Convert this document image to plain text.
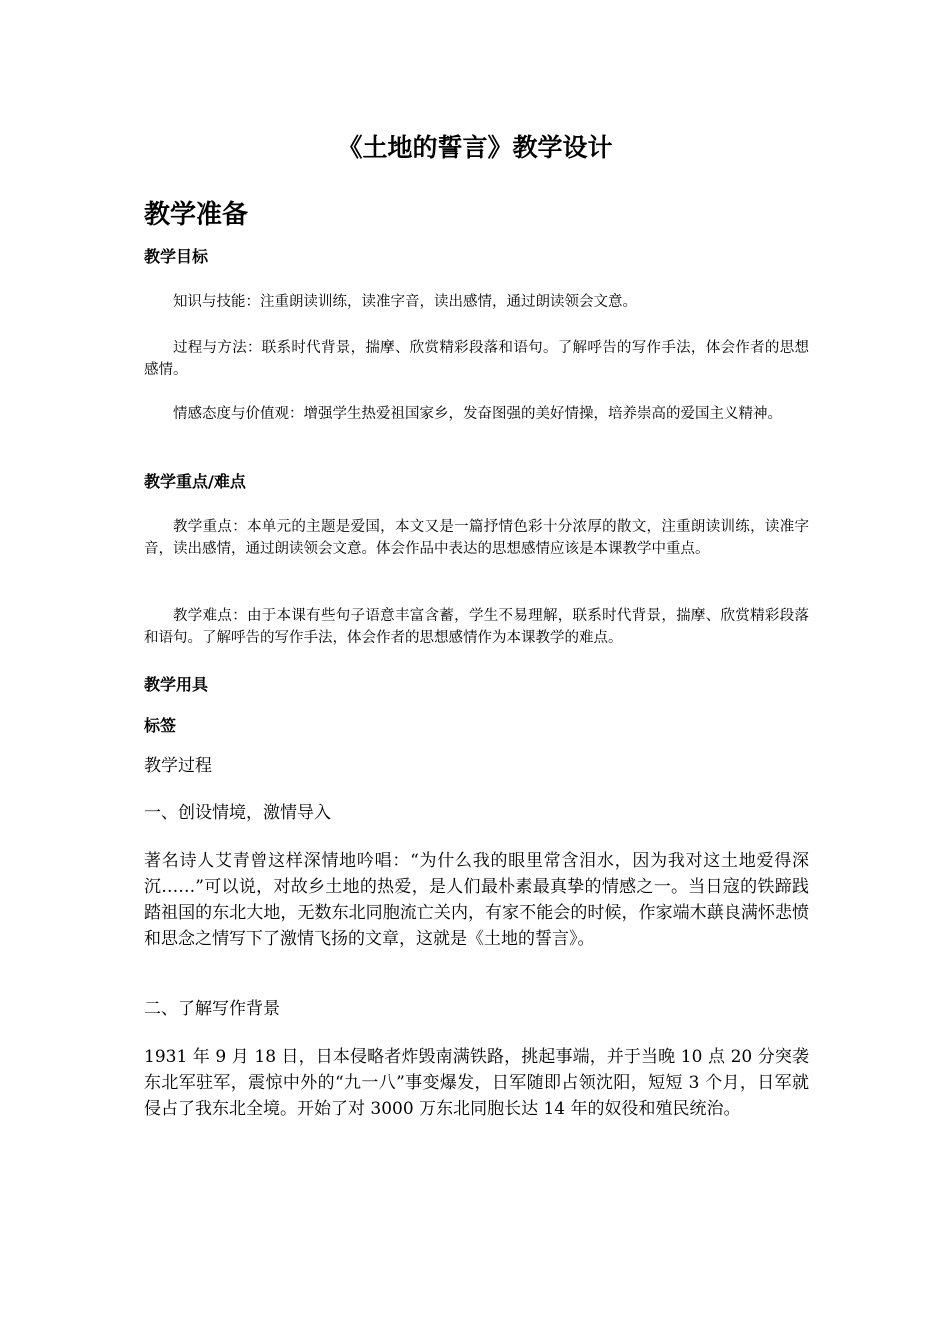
《土地的誓言》教学设计
教学准备
教学目标

知识与技能：注重朗读训练，读准字音，读出感情，通过朗读领会文意。

过程与方法：联系时代背景，揣摩、欣赏精彩段落和语句。了解呼告的写作手法，体会作者的思想感情。

情感态度与价值观：增强学生热爱祖国家乡，发奋图强的美好情操，培养崇高的爱国主义精神。

教学重点/难点

教学重点：本单元的主题是爱国，本文又是一篇抒情色彩十分浓厚的散文，注重朗读训练，读准字音，读出感情，通过朗读领会文意。体会作品中表达的思想感情应该是本课教学中重点。

教学难点：由于本课有些句子语意丰富含蓄，学生不易理解，联系时代背景，揣摩、欣赏精彩段落和语句。了解呼告的写作手法，体会作者的思想感情作为本课教学的难点。

教学用具
标签

教学过程

一、创设情境，激情导入

著名诗人艾青曾这样深情地吟唱：“为什么我的眼里常含泪水，因为我对这土地爱得深沉……”可以说，对故乡土地的热爱，是人们最朴素最真挚的情感之一。当日寇的铁蹄践踏祖国的东北大地，无数东北同胞流亡关内，有家不能会的时候，作家端木蕻良满怀悲愤和思念之情写下了激情飞扬的文章，这就是《土地的誓言》。

二、了解写作背景

1931 年 9 月 18 日，日本侵略者炸毁南满铁路，挑起事端，并于当晚 10 点 20 分突袭东北军驻军，震惊中外的“九一八”事变爆发，日军随即占领沈阳，短短 3 个月，日军就侵占了我东北全境。开始了对 3000 万东北同胞长达 14 年的奴役和殖民统治。
